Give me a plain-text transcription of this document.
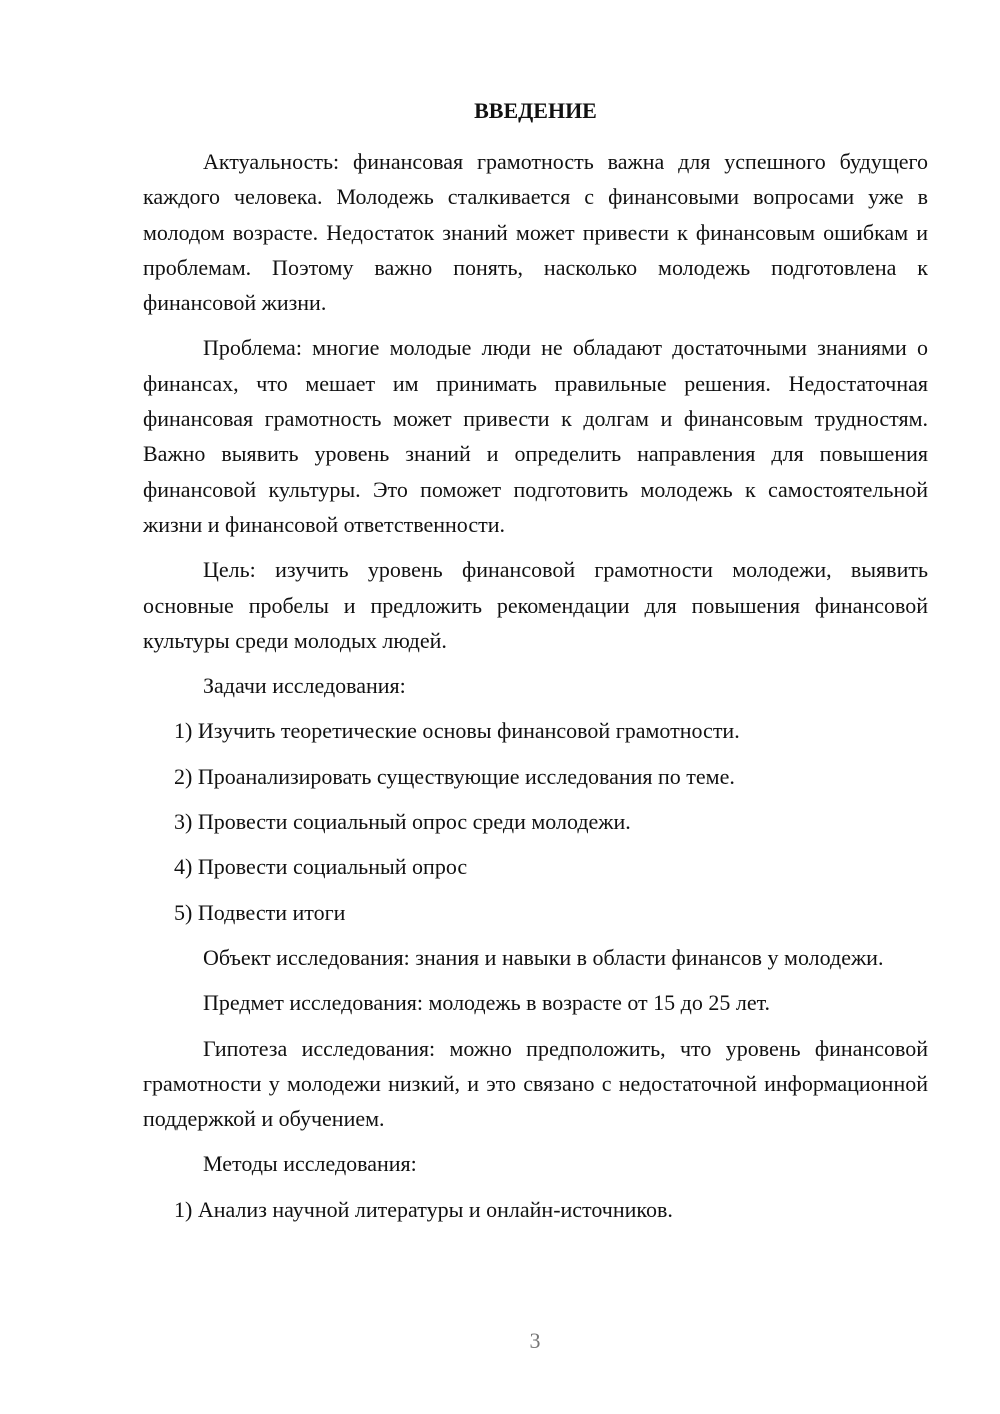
ВВЕДЕНИЕ

Актуальность: финансовая грамотность важна для успешного будущего каждого человека. Молодежь сталкивается с финансовыми вопросами уже в молодом возрасте. Недостаток знаний может привести к финансовым ошибкам и проблемам. Поэтому важно понять, насколько молодежь подготовлена к финансовой жизни.

Проблема: многие молодые люди не обладают достаточными знаниями о финансах, что мешает им принимать правильные решения. Недостаточная финансовая грамотность может привести к долгам и финансовым трудностям. Важно выявить уровень знаний и определить направления для повышения финансовой культуры. Это поможет подготовить молодежь к самостоятельной жизни и финансовой ответственности.

Цель: изучить уровень финансовой грамотности молодежи, выявить основные пробелы и предложить рекомендации для повышения финансовой культуры среди молодых людей.

Задачи исследования:
1) Изучить теоретические основы финансовой грамотности.
2) Проанализировать существующие исследования по теме.
3) Провести социальный опрос среди молодежи.
4) Провести социальный опрос
5) Подвести итоги

Объект исследования: знания и навыки в области финансов у молодежи.

Предмет исследования: молодежь в возрасте от 15 до 25 лет.

Гипотеза исследования: можно предположить, что уровень финансовой грамотности у молодежи низкий, и это связано с недостаточной информационной поддержкой и обучением.

Методы исследования:
1) Анализ научной литературы и онлайн-источников.
3
